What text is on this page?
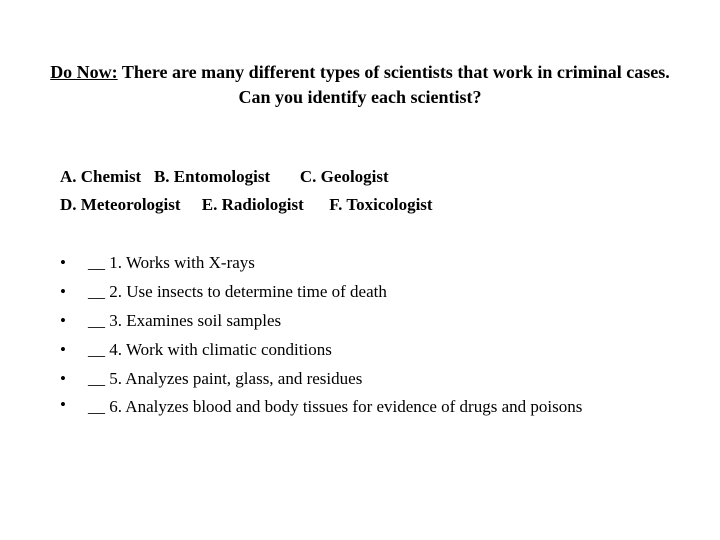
Do Now: There are many different types of scientists that work in criminal cases. Can you identify each scientist?
A. Chemist   B. Entomologist       C. Geologist
D. Meteorologist     E. Radiologist      F. Toxicologist
• __ 1. Works with X-rays
• __ 2. Use insects to determine time of death
• __ 3. Examines soil samples
• __ 4. Work with climatic conditions
• __ 5. Analyzes paint, glass, and residues
• __ 6. Analyzes blood and body tissues for evidence of drugs and poisons
